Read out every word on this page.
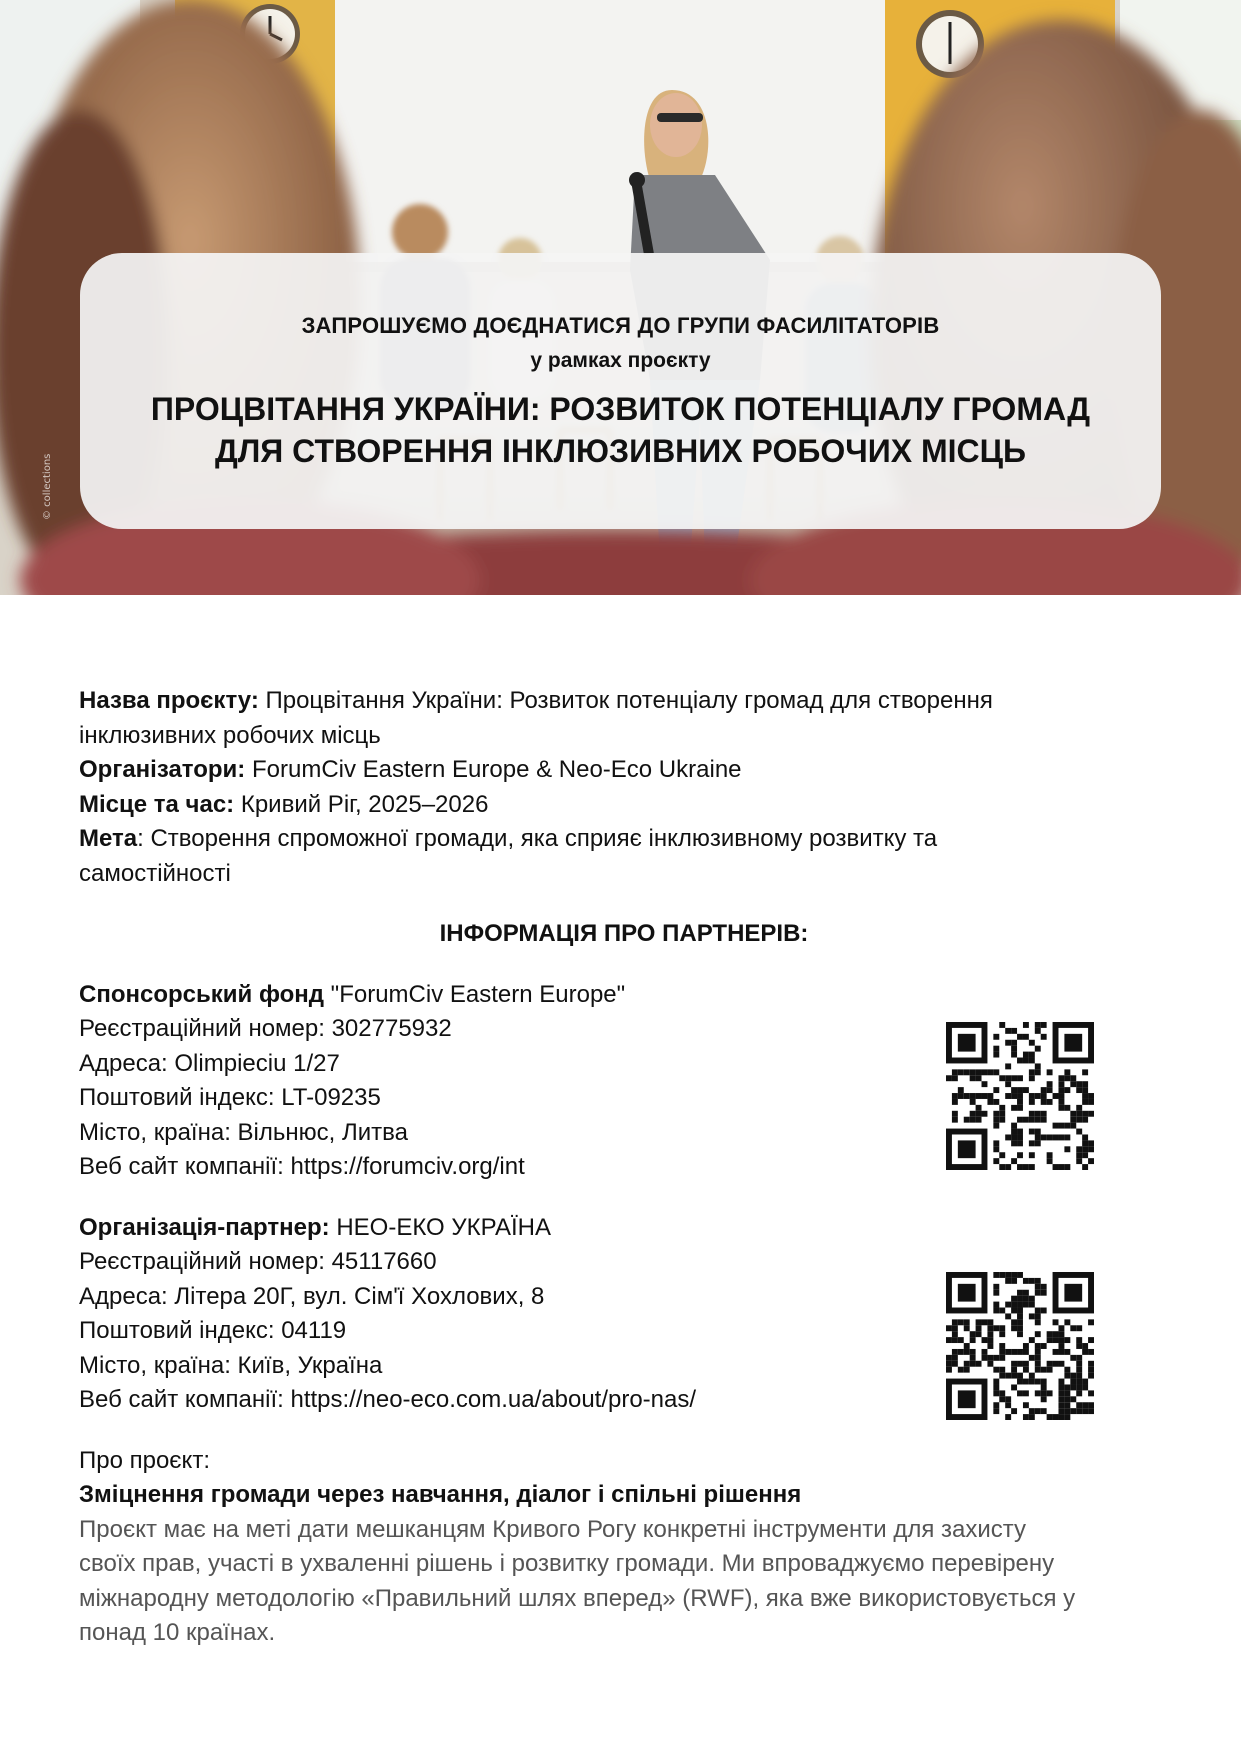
ЗАПРОШУЄМО ДОЄДНАТИСЯ ДО ГРУПИ ФАСИЛІТАТОРІВ
у рамках проєкту
ПРОЦВІТАННЯ УКРАЇНИ: РОЗВИТОК ПОТЕНЦІАЛУ ГРОМАД
ДЛЯ СТВОРЕННЯ ІНКЛЮЗИВНИХ РОБОЧИХ МІСЦЬ

Назва проєкту: Процвітання України: Розвиток потенціалу громад для створення

інклюзивних робочих місць

Організатори: ForumCiv Eastern Europe & Neo-Eco Ukraine

Місце та час: Кривий Ріг, 2025–2026

Мета: Створення спроможної громади, яка сприяє інклюзивному розвитку та

самостійності

ІНФОРМАЦІЯ ПРО ПАРТНЕРІВ:

Спонсорський фонд "ForumCiv Eastern Europe"

Реєстраційний номер: 302775932

Адреса: Olimpieciu 1/27

Поштовий індекс: LT-09235

Місто, країна: Вільнюс, Литва

Веб сайт компанії: https://forumciv.org/int

Організація-партнер: НЕО-ЕКО УКРАЇНА

Реєстраційний номер: 45117660

Адреса: Літера 20Г, вул. Сім'ї Хохлових, 8

Поштовий індекс: 04119

Місто, країна: Київ, Україна

Веб сайт компанії: https://neo-eco.com.ua/about/pro-nas/

Про проєкт:

Зміцнення громади через навчання, діалог і спільні рішення

Проєкт має на меті дати мешканцям Кривого Рогу конкретні інструменти для захисту

своїх прав, участі в ухваленні рішень і розвитку громади. Ми впроваджуємо перевірену

міжнародну методологію «Правильний шлях вперед» (RWF), яка вже використовується у

понад 10 країнах.

© collections
